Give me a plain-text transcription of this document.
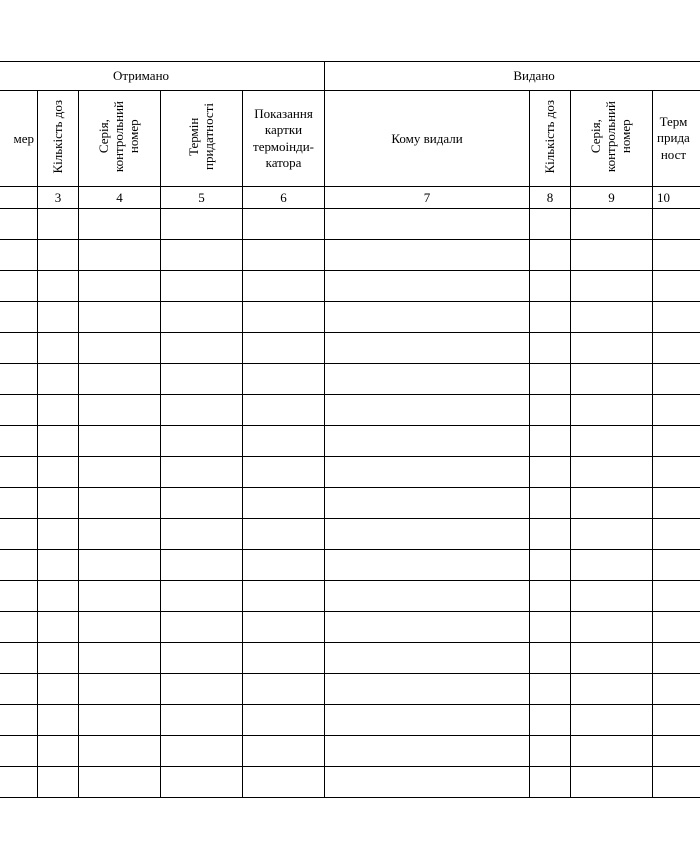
Отримано					Видано			
мер	Кількість доз	Серія,
контрольний
номер	Термін
придатності	Показання
картки
термоінди-
катора	Кому видали	Кількість доз	Серія,
контрольний
номер	Терм
прида
ност
	3	4	5	6	7	8	9	10
